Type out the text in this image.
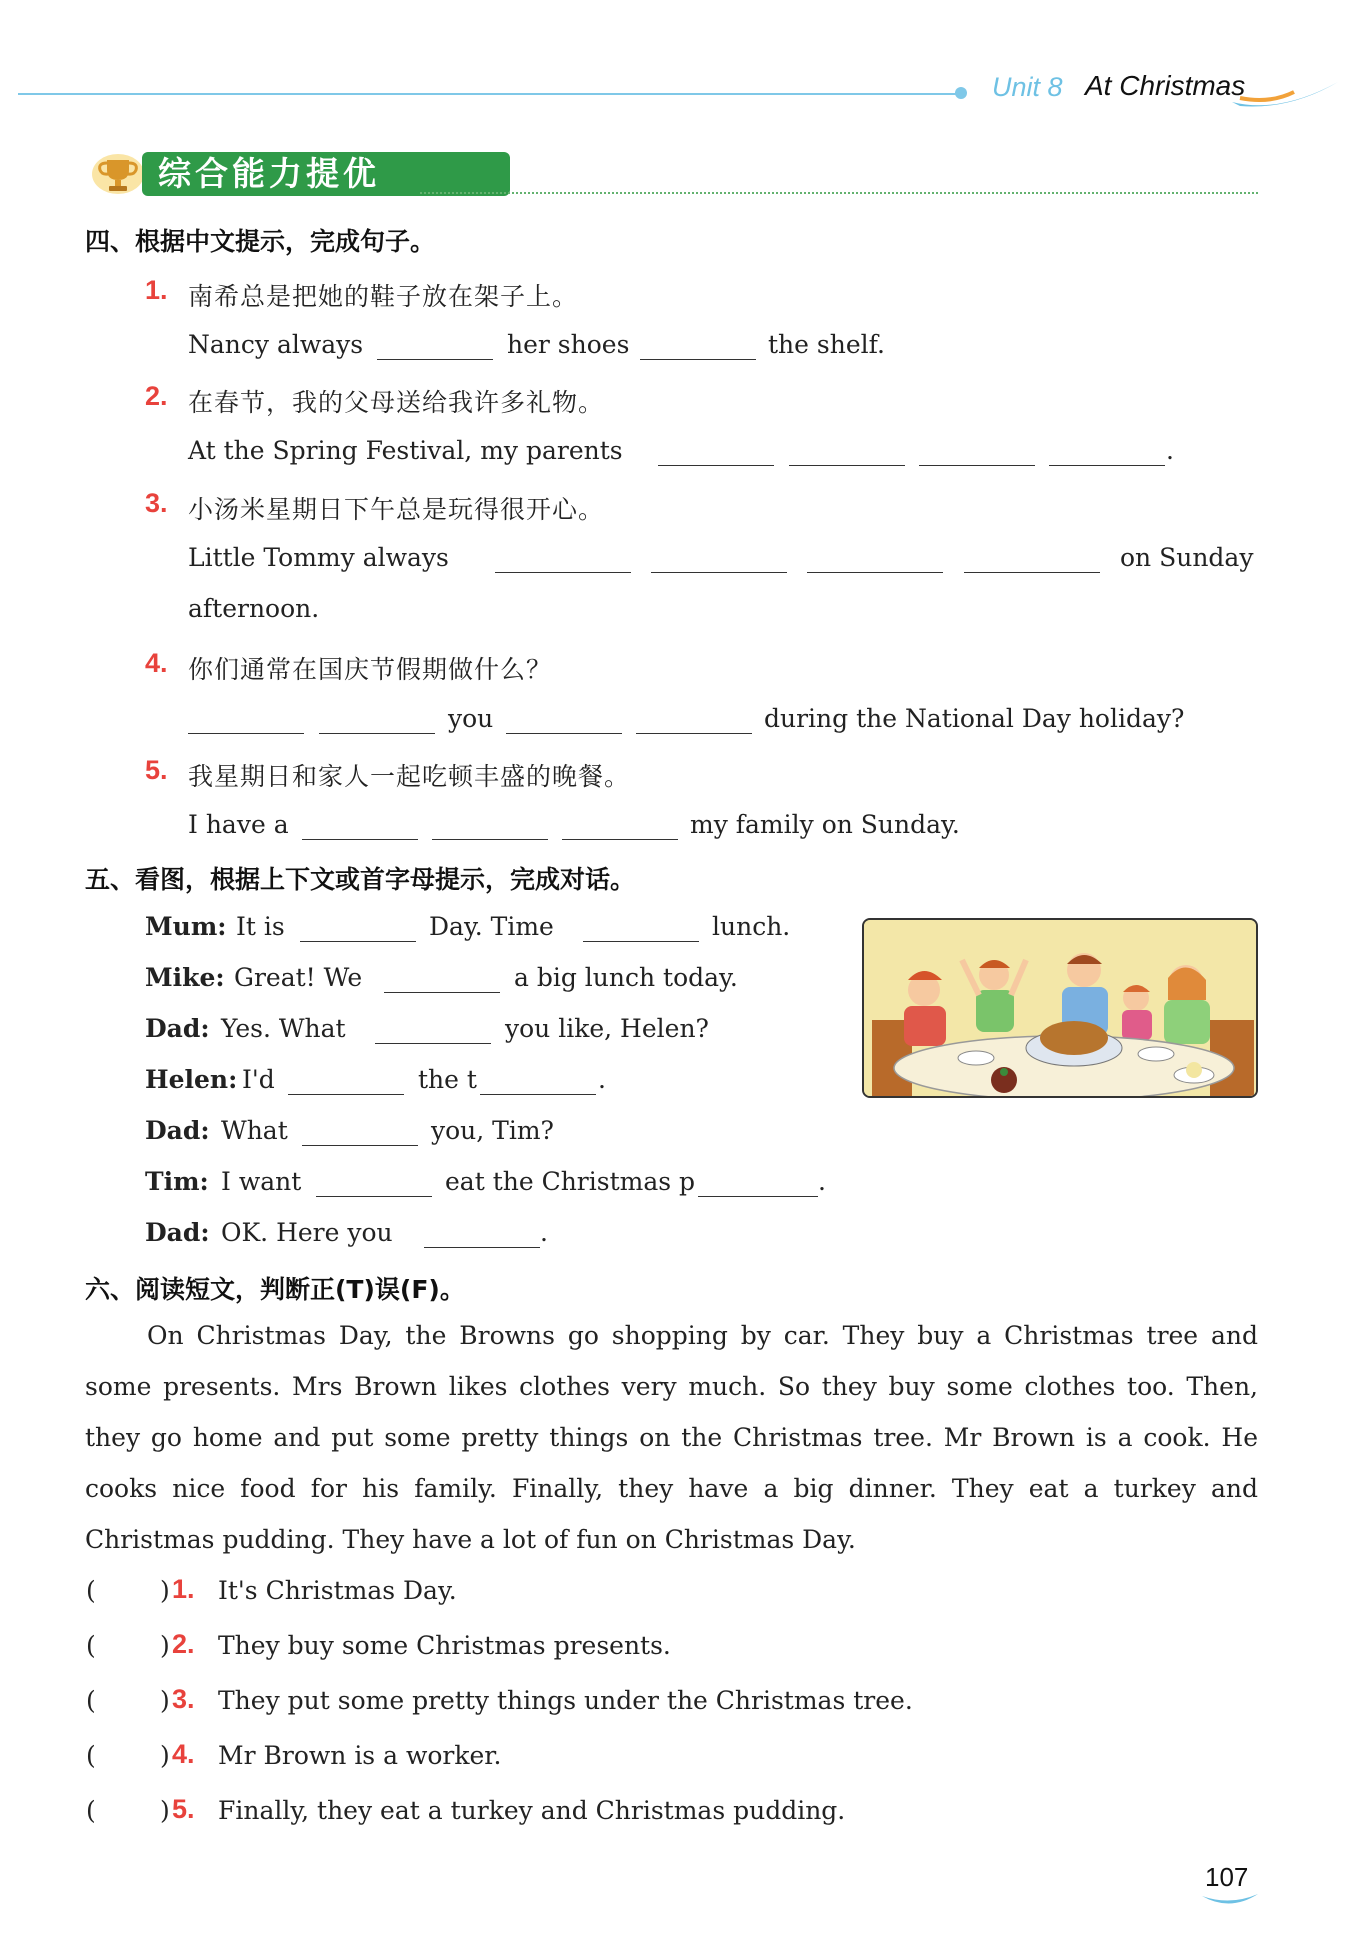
Unit 8 At Christmas
综合能力提优
四、根据中文提示，完成句子。
1. 南希总是把她的鞋子放在架子上。
Nancy always	her shoes	the shelf.
2. 在春节，我的父母送给我许多礼物。
At the Spring Festival, my parents	.
3. 小汤米星期日下午总是玩得很开心。
Little Tommy always	on Sunday
afternoon.
4. 你们通常在国庆节假期做什么？
you	during the National Day holiday?
5. 我星期日和家人一起吃顿丰盛的晚餐。
I have a	my family on Sunday.
五、看图，根据上下文或首字母提示，完成对话。
Mum: It is	Day. Time	lunch.
Mike: Great! We	a big lunch today.
Dad: Yes. What	you like, Helen?
Helen: I'd	the t	.
Dad: What	you, Tim?
Tim: I want	eat the Christmas p	.
Dad: OK. Here you	.
六、阅读短文，判断正(T)误(F)。

On Christmas Day, the Browns go shopping by car. They buy a Christmas tree and some presents. Mrs Brown likes clothes very much. So they buy some clothes too. Then, they go home and put some pretty things on the Christmas tree. Mr Brown is a cook. He cooks nice food for his family. Finally, they have a big dinner. They eat a turkey and Christmas pudding. They have a lot of fun on Christmas Day.

(	) 1. It's Christmas Day.
(	) 2. They buy some Christmas presents.
(	) 3. They put some pretty things under the Christmas tree.
(	) 4. Mr Brown is a worker.
(	) 5. Finally, they eat a turkey and Christmas pudding.
107
